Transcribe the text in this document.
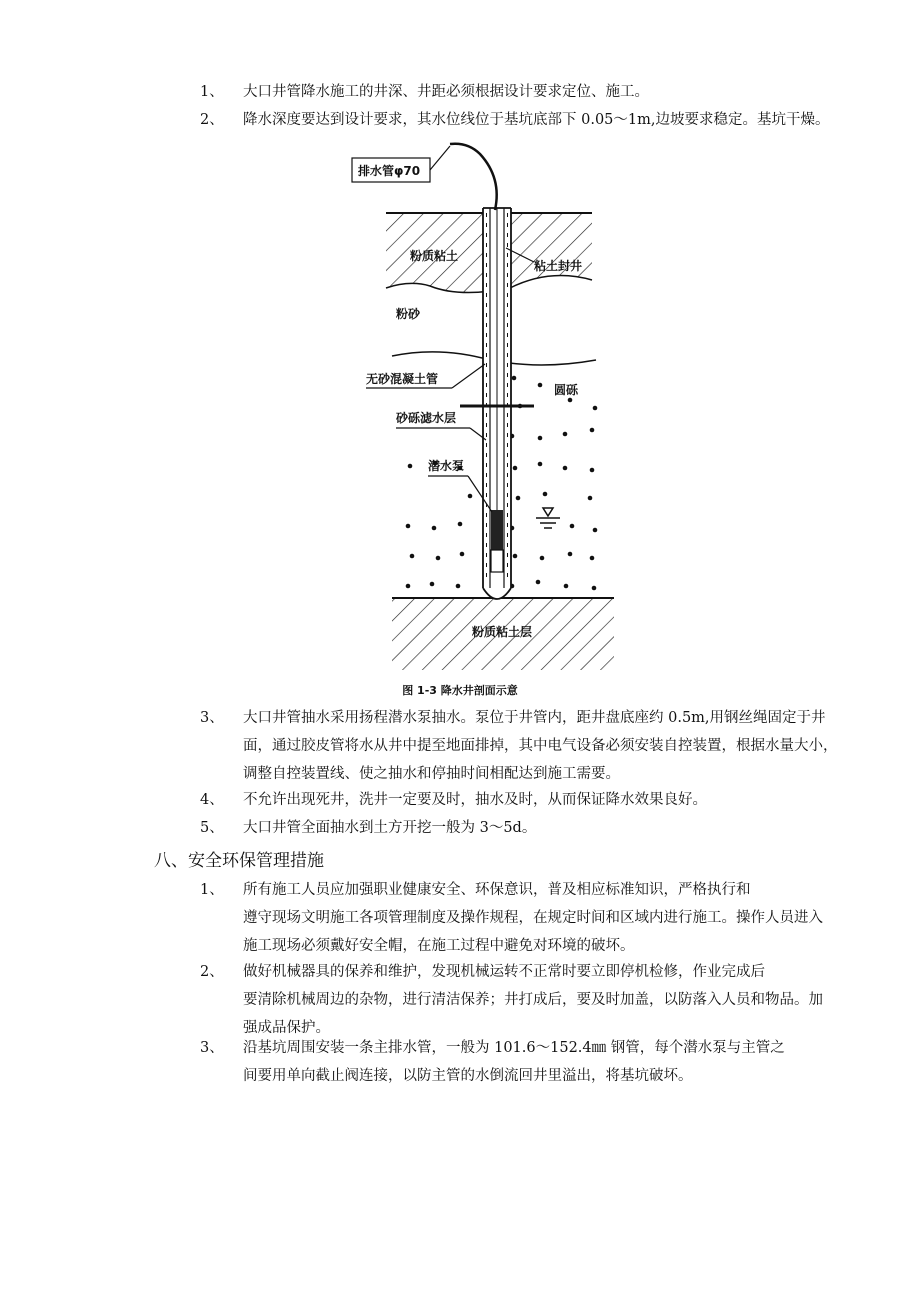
1、	大口井管降水施工的井深、井距必须根据设计要求定位、施工。
2、	降水深度要达到设计要求，其水位线位于基坑底部下 0.05～1m,边坡要求稳定。基坑干燥。
排水管φ70
粉质粘土
粘土封井
粉砂
无砂混凝土管
圆砾
砂砾滤水层
潜水泵
粉质粘土层
图 1-3 降水井剖面示意
3、	大口井管抽水采用扬程潜水泵抽水。泵位于井管内，距井盘底座约 0.5m,用钢丝绳固定于井
面，通过胶皮管将水从井中提至地面排掉，其中电气设备必须安装自控装置，根据水量大小，
调整自控装置线、使之抽水和停抽时间相配达到施工需要。
4、	不允许出现死井，洗井一定要及时，抽水及时，从而保证降水效果良好。
5、	大口井管全面抽水到土方开挖一般为 3～5d。
八、安全环保管理措施
1、	所有施工人员应加强职业健康安全、环保意识，普及相应标准知识，严格执行和
遵守现场文明施工各项管理制度及操作规程，在规定时间和区域内进行施工。操作人员进入
施工现场必须戴好安全帽，在施工过程中避免对环境的破坏。
2、	做好机械器具的保养和维护，发现机械运转不正常时要立即停机检修，作业完成后
要清除机械周边的杂物，进行清洁保养；井打成后，要及时加盖，以防落入人员和物品。加
强成品保护。
3、	沿基坑周围安装一条主排水管，一般为 101.6～152.4㎜ 钢管，每个潜水泵与主管之
间要用单向截止阀连接，以防主管的水倒流回井里溢出，将基坑破坏。
